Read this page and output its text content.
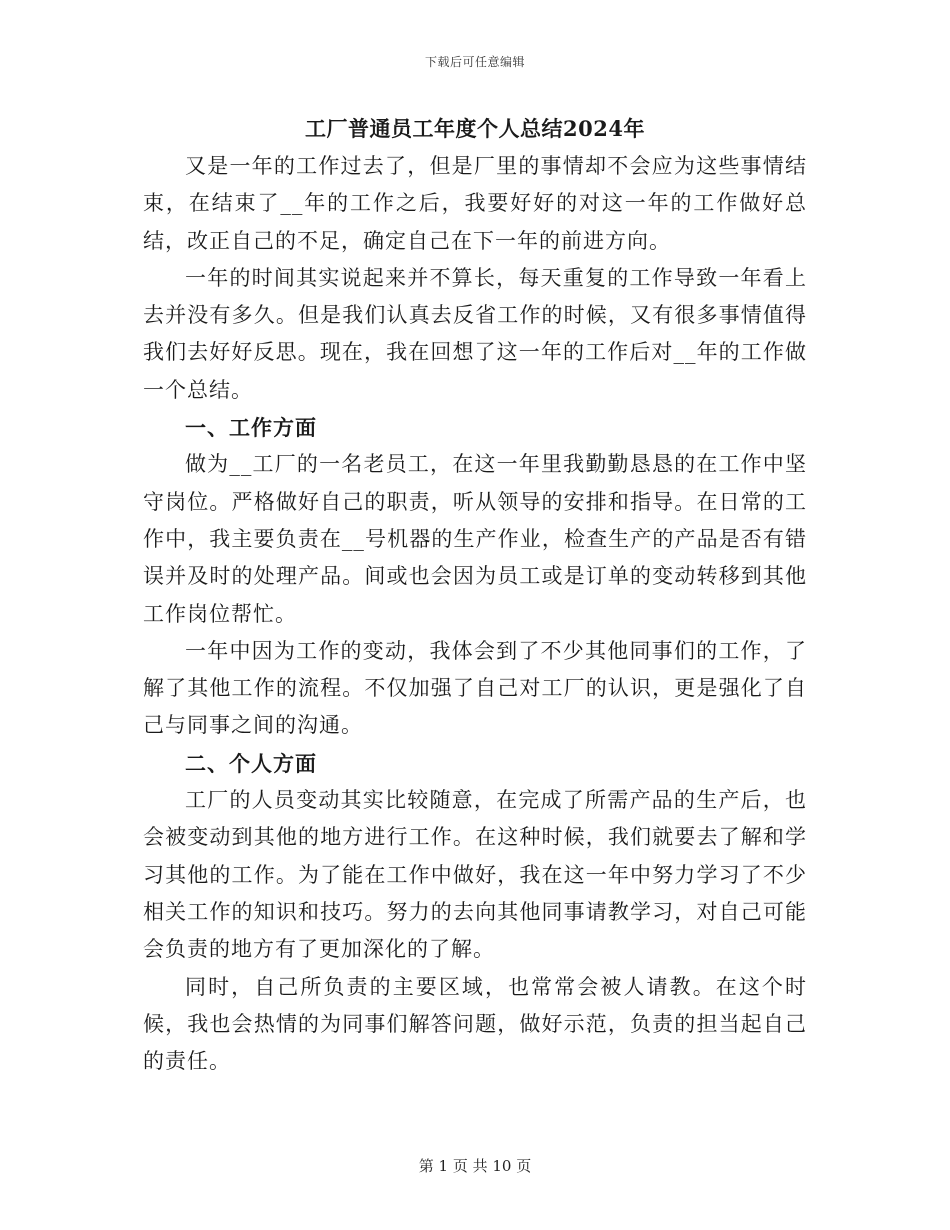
下载后可任意编辑
工厂普通员工年度个人总结2024年

又是一年的工作过去了，但是厂里的事情却不会应为这些事情结束，在结束了__年的工作之后，我要好好的对这一年的工作做好总结，改正自己的不足，确定自己在下一年的前进方向。

一年的时间其实说起来并不算长，每天重复的工作导致一年看上去并没有多久。但是我们认真去反省工作的时候，又有很多事情值得我们去好好反思。现在，我在回想了这一年的工作后对__年的工作做一个总结。

一、工作方面

做为__工厂的一名老员工，在这一年里我勤勤恳恳的在工作中坚守岗位。严格做好自己的职责，听从领导的安排和指导。在日常的工作中，我主要负责在__号机器的生产作业，检查生产的产品是否有错误并及时的处理产品。间或也会因为员工或是订单的变动转移到其他工作岗位帮忙。

一年中因为工作的变动，我体会到了不少其他同事们的工作，了解了其他工作的流程。不仅加强了自己对工厂的认识，更是强化了自己与同事之间的沟通。

二、个人方面

工厂的人员变动其实比较随意，在完成了所需产品的生产后，也会被变动到其他的地方进行工作。在这种时候，我们就要去了解和学习其他的工作。为了能在工作中做好，我在这一年中努力学习了不少相关工作的知识和技巧。努力的去向其他同事请教学习，对自己可能会负责的地方有了更加深化的了解。

同时，自己所负责的主要区域，也常常会被人请教。在这个时候，我也会热情的为同事们解答问题，做好示范，负责的担当起自己的责任。

第 1 页 共 10 页
